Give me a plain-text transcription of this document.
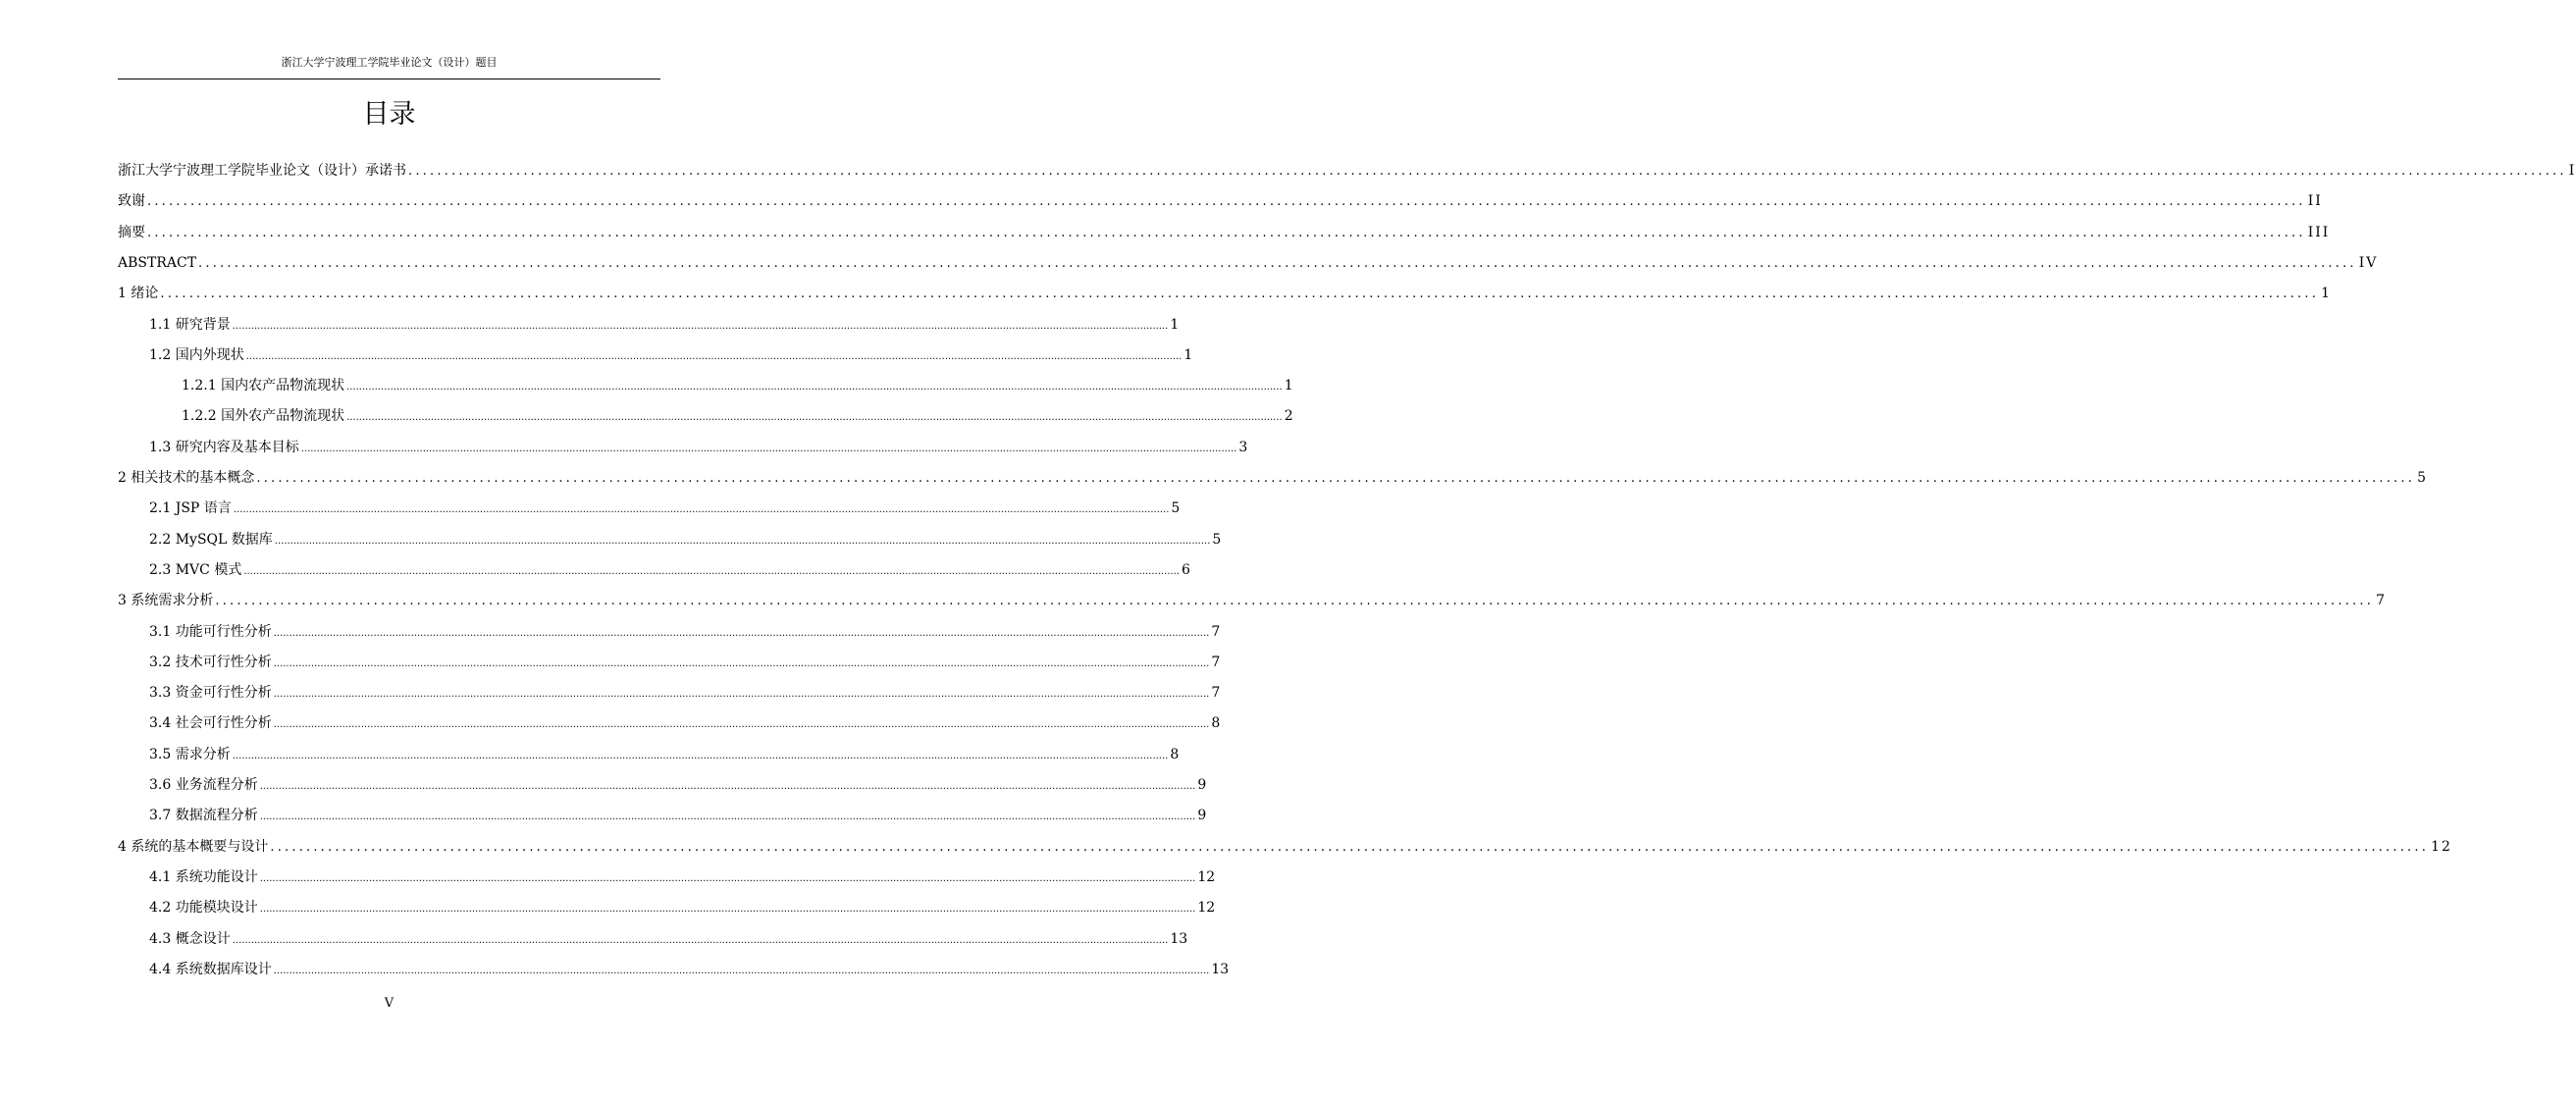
浙江大学宁波理工学院毕业论文（设计）题目
目录
浙江大学宁波理工学院毕业论文（设计）承诺书 ............................................................................................................................................................................................................................................................................................................ I
致谢 ............................................................................................................................................................................................................................................................................................................ II
摘要 ............................................................................................................................................................................................................................................................................................................ III
ABSTRACT ............................................................................................................................................................................................................................................................................................................ IV
1 绪论 ............................................................................................................................................................................................................................................................................................................ 1
1.1 研究背景 ............................................................................................................................................................................................................................................................................................................ 1
1.2 国内外现状 ............................................................................................................................................................................................................................................................................................................ 1
1.2.1 国内农产品物流现状 ............................................................................................................................................................................................................................................................................................................ 1
1.2.2 国外农产品物流现状 ............................................................................................................................................................................................................................................................................................................ 2
1.3 研究内容及基本目标 ............................................................................................................................................................................................................................................................................................................ 3
2 相关技术的基本概念 ............................................................................................................................................................................................................................................................................................................ 5
2.1 JSP 语言 ............................................................................................................................................................................................................................................................................................................ 5
2.2 MySQL 数据库 ............................................................................................................................................................................................................................................................................................................ 5
2.3 MVC 模式 ............................................................................................................................................................................................................................................................................................................ 6
3 系统需求分析 ............................................................................................................................................................................................................................................................................................................ 7
3.1 功能可行性分析 ............................................................................................................................................................................................................................................................................................................ 7
3.2 技术可行性分析 ............................................................................................................................................................................................................................................................................................................ 7
3.3 资金可行性分析 ............................................................................................................................................................................................................................................................................................................ 7
3.4 社会可行性分析 ............................................................................................................................................................................................................................................................................................................ 8
3.5 需求分析 ............................................................................................................................................................................................................................................................................................................ 8
3.6 业务流程分析 ............................................................................................................................................................................................................................................................................................................ 9
3.7 数据流程分析 ............................................................................................................................................................................................................................................................................................................ 9
4 系统的基本概要与设计 ............................................................................................................................................................................................................................................................................................................ 12
4.1 系统功能设计 ............................................................................................................................................................................................................................................................................................................ 12
4.2 功能模块设计 ............................................................................................................................................................................................................................................................................................................ 12
4.3 概念设计 ............................................................................................................................................................................................................................................................................................................ 13
4.4 系统数据库设计 ............................................................................................................................................................................................................................................................................................................ 13
V
